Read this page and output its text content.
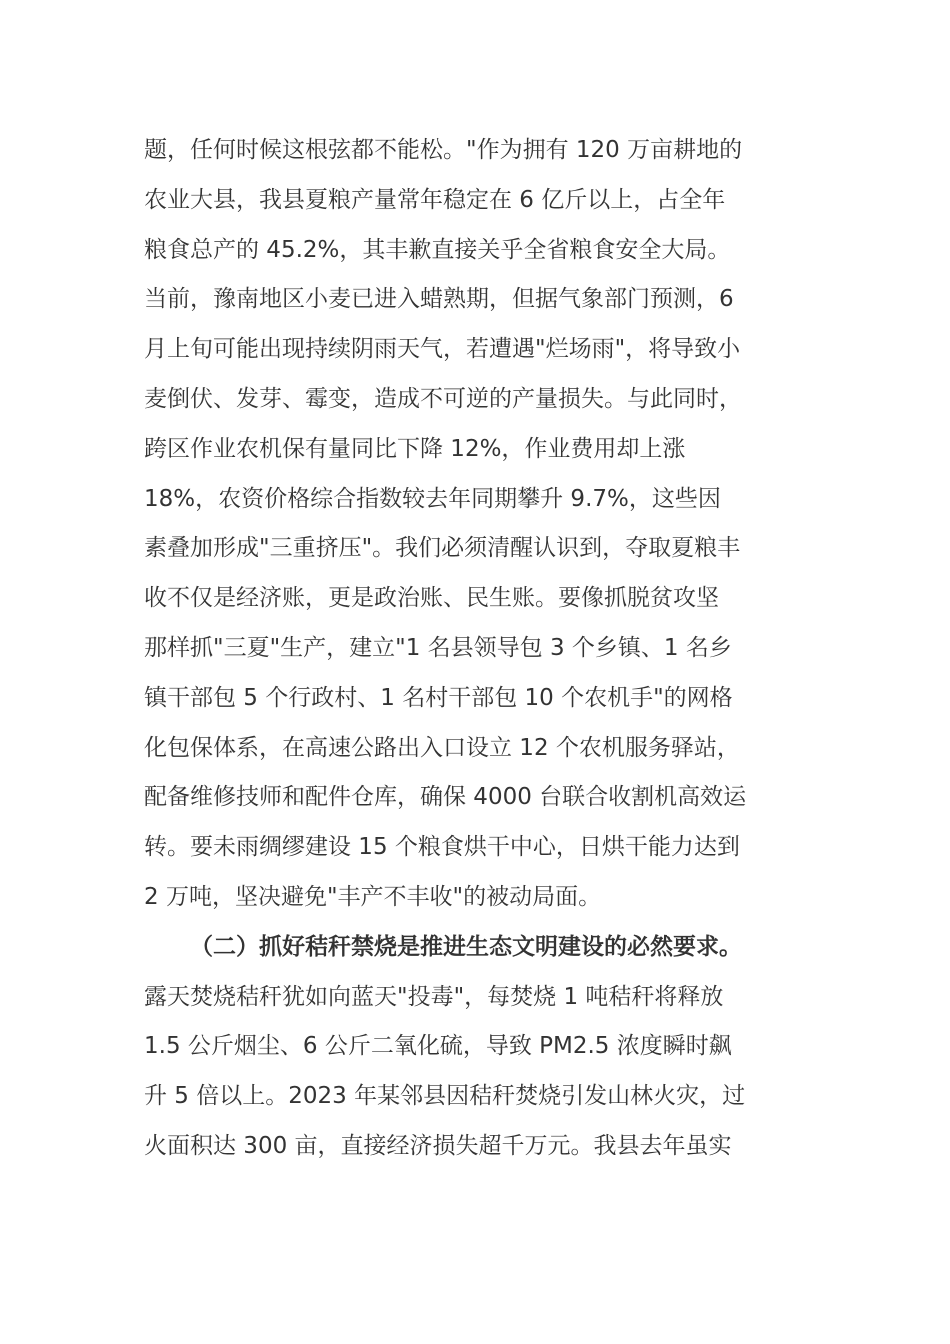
题，任何时候这根弦都不能松。"作为拥有 120 万亩耕地的
农业大县，我县夏粮产量常年稳定在 6 亿斤以上，占全年
粮食总产的 45.2%，其丰歉直接关乎全省粮食安全大局。
当前，豫南地区小麦已进入蜡熟期，但据气象部门预测，6
月上旬可能出现持续阴雨天气，若遭遇"烂场雨"，将导致小
麦倒伏、发芽、霉变，造成不可逆的产量损失。与此同时，
跨区作业农机保有量同比下降 12%，作业费用却上涨
18%，农资价格综合指数较去年同期攀升 9.7%，这些因
素叠加形成"三重挤压"。我们必须清醒认识到，夺取夏粮丰
收不仅是经济账，更是政治账、民生账。要像抓脱贫攻坚
那样抓"三夏"生产，建立"1 名县领导包 3 个乡镇、1 名乡
镇干部包 5 个行政村、1 名村干部包 10 个农机手"的网格
化包保体系，在高速公路出入口设立 12 个农机服务驿站，
配备维修技师和配件仓库，确保 4000 台联合收割机高效运
转。要未雨绸缪建设 15 个粮食烘干中心，日烘干能力达到
2 万吨，坚决避免"丰产不丰收"的被动局面。
（二）抓好秸秆禁烧是推进生态文明建设的必然要求。
露天焚烧秸秆犹如向蓝天"投毒"，每焚烧 1 吨秸秆将释放
1.5 公斤烟尘、6 公斤二氧化硫，导致 PM2.5 浓度瞬时飙
升 5 倍以上。2023 年某邻县因秸秆焚烧引发山林火灾，过
火面积达 300 亩，直接经济损失超千万元。我县去年虽实
